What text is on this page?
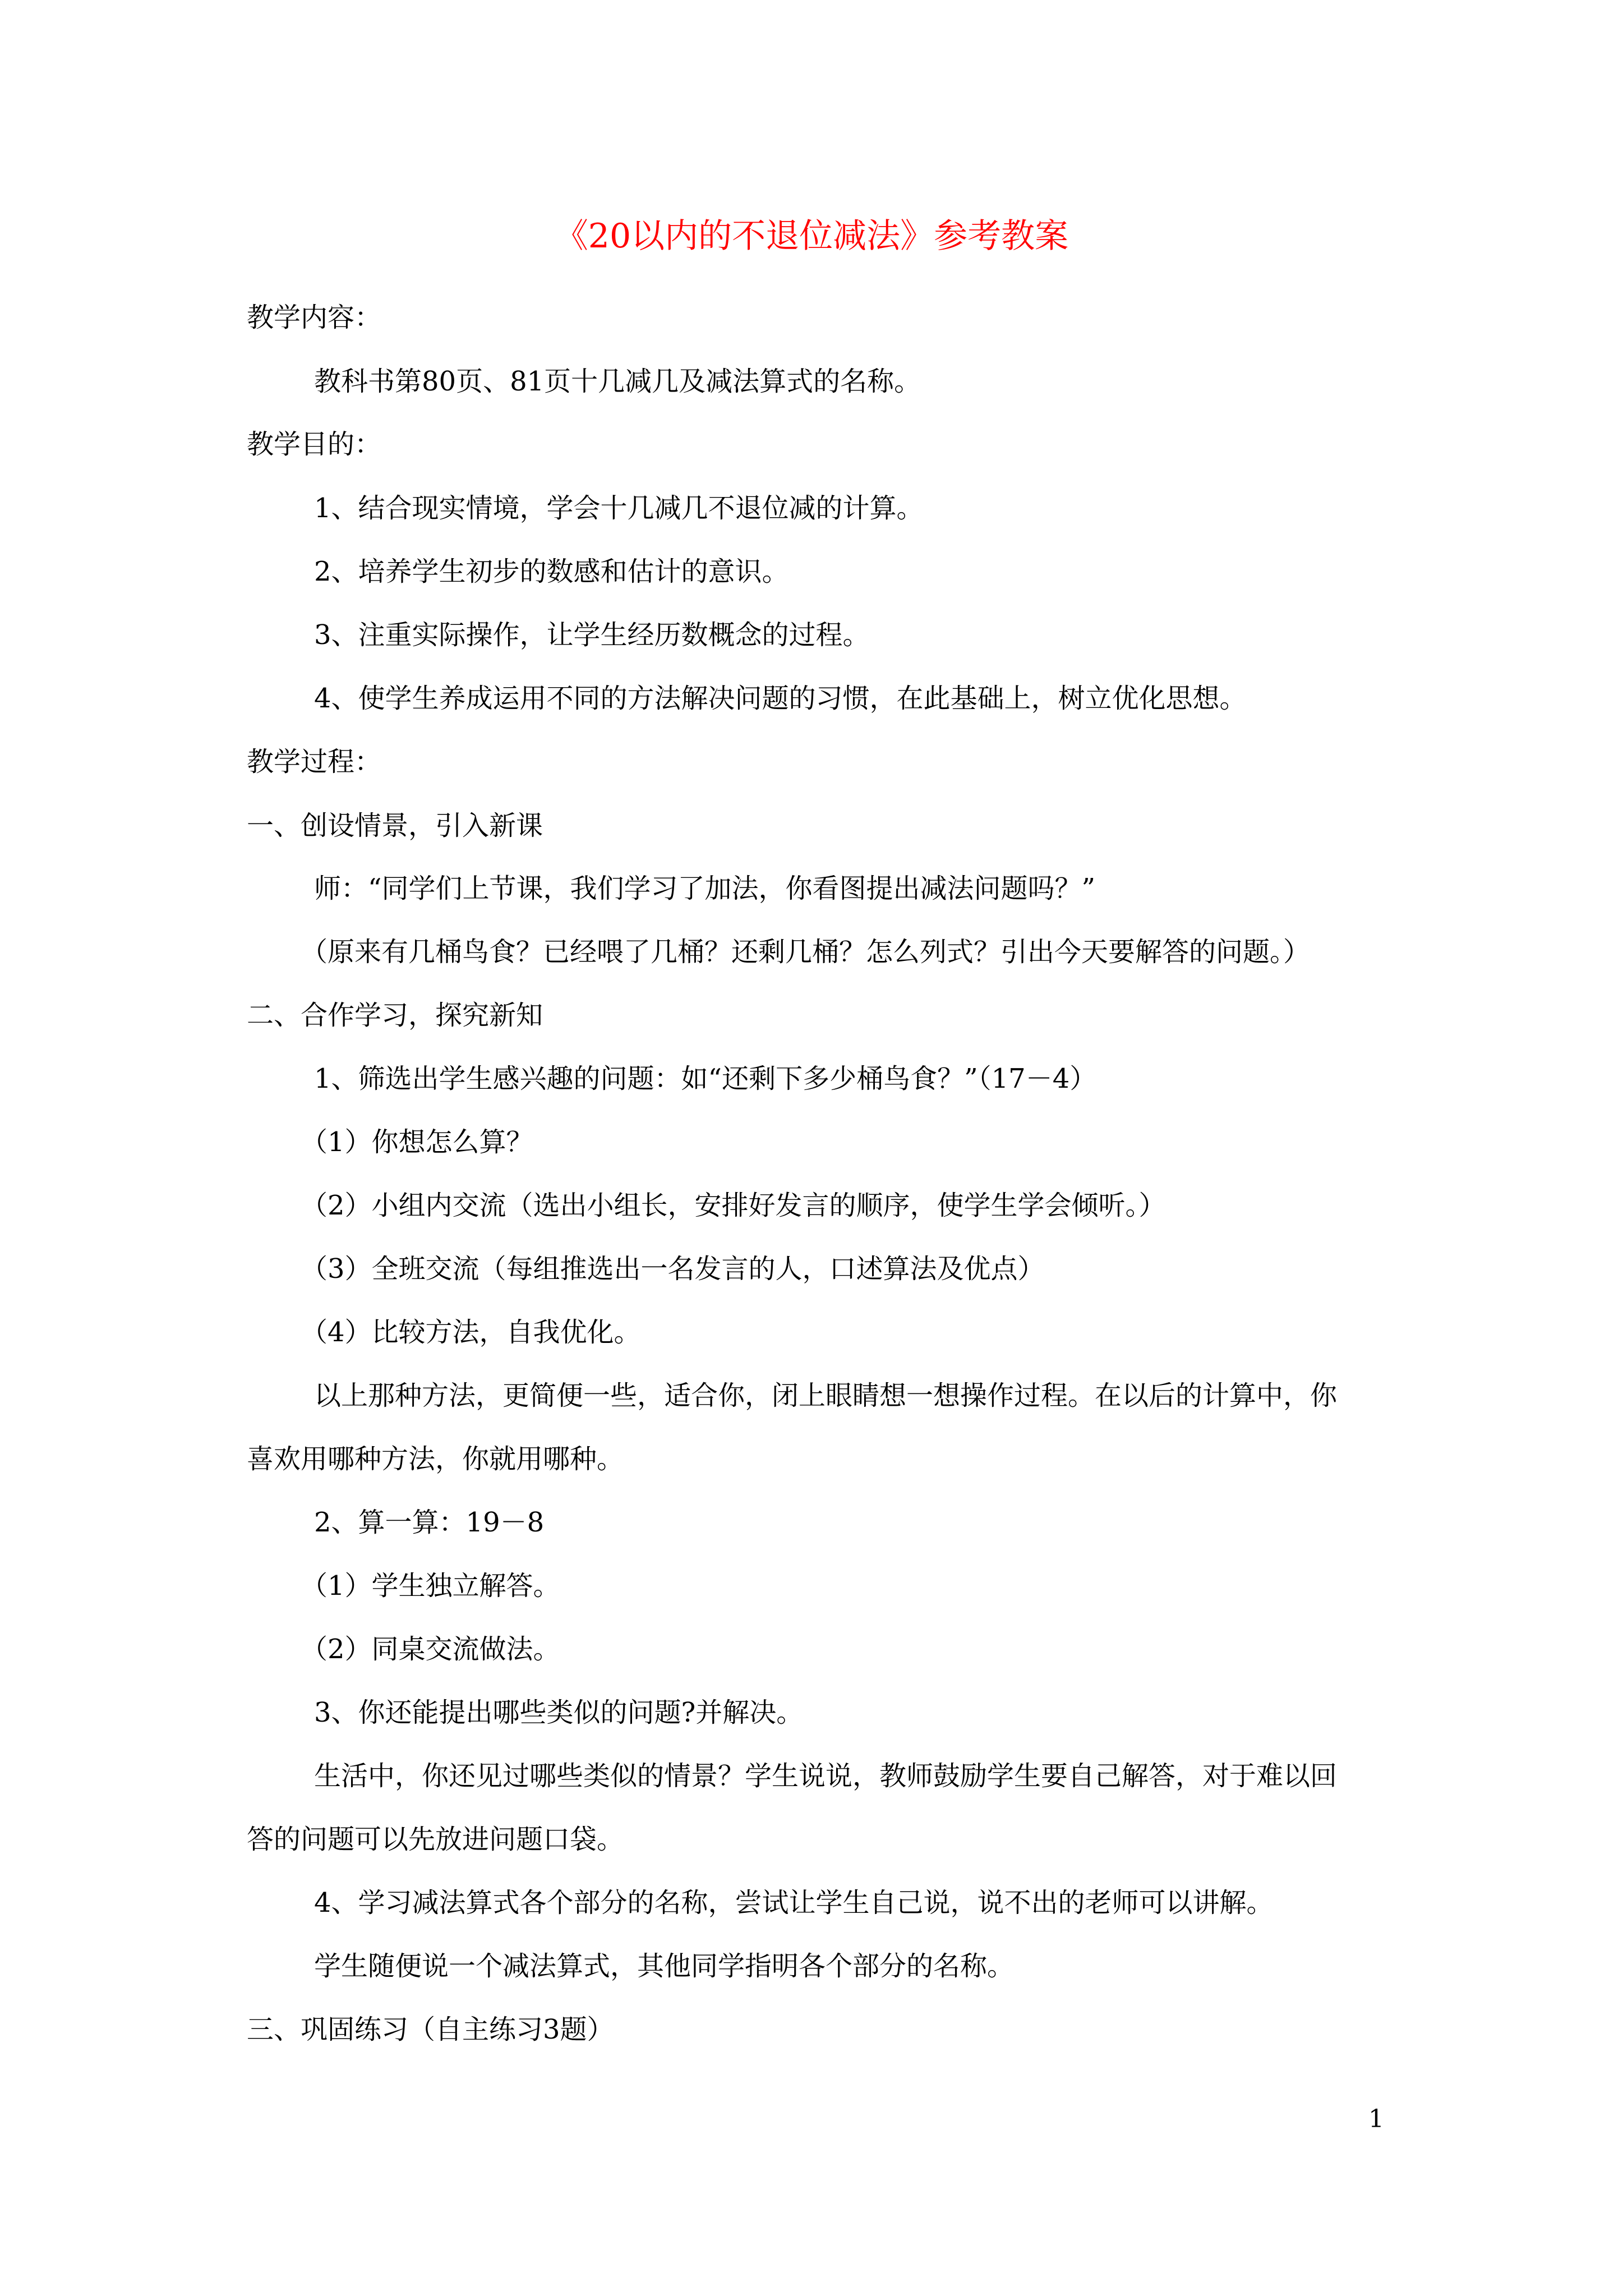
《20以内的不退位减法》参考教案

教学内容：

教科书第80页、81页十几减几及减法算式的名称。

教学目的：

1、结合现实情境，学会十几减几不退位减的计算。

2、培养学生初步的数感和估计的意识。

3、注重实际操作，让学生经历数概念的过程。

4、使学生养成运用不同的方法解决问题的习惯，在此基础上，树立优化思想。

教学过程：

一、创设情景，引入新课

师：“同学们上节课，我们学习了加法，你看图提出减法问题吗？”

（原来有几桶鸟食？已经喂了几桶？还剩几桶？怎么列式？引出今天要解答的问题。）

二、合作学习，探究新知

1、筛选出学生感兴趣的问题：如“还剩下多少桶鸟食？”（17－4）

（1）你想怎么算？

（2）小组内交流（选出小组长，安排好发言的顺序，使学生学会倾听。）

（3）全班交流（每组推选出一名发言的人，口述算法及优点）

（4）比较方法，自我优化。

以上那种方法，更简便一些，适合你，闭上眼睛想一想操作过程。在以后的计算中，你

喜欢用哪种方法，你就用哪种。

2、算一算：19－8

（1）学生独立解答。

（2）同桌交流做法。

3、你还能提出哪些类似的问题?并解决。

生活中，你还见过哪些类似的情景？学生说说，教师鼓励学生要自己解答，对于难以回

答的问题可以先放进问题口袋。

4、学习减法算式各个部分的名称，尝试让学生自己说，说不出的老师可以讲解。

学生随便说一个减法算式，其他同学指明各个部分的名称。

三、巩固练习（自主练习3题）

1
